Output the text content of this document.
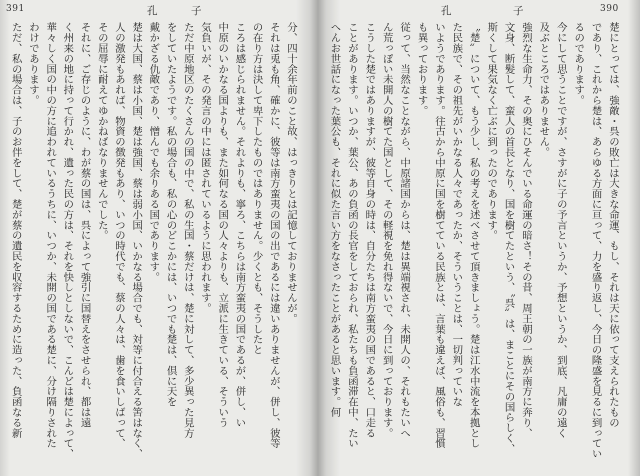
391	孔	子	孔	子	390

楚にとっては、強敵・呉の敗亡は大きな命運、もし、それは天に依って支えられたもの

であり、これから楚は、あらゆる方面に亘って、力を盛り返し、今日の隆盛を見るに到ってい

るのであります。

今にして思うことですが、さすがに子の予言というか、予想というか、到底、凡庸の遠く

及ぶところではありません。

強烈な生命力、その奥にひそんでいる命運の暗さ！その昔、周王朝の一族が南方に奔り、

文身、断髪して、蛮人の首長となり、国を樹てたという、〝呉〟は、まことにその国らしく、

斯くして果気なく亡ぶに到ったのであります。

〝楚〟について、もう少し、私の考えを述べさせて頂きましょう。楚は江水中流を本拠とし

た民族で、その祖先がいかなる人々であったか、そういうことは、一切判っていな

いようであります。往古から中原に国を樹てている民族とは、言葉も違えば、風俗も、習慣

も異っております。

従って、当然なことながら、中原諸国からは、楚は異端視され、未開人の、それもたいへ

ん荒っぽい未開人の樹てた国として、その軽視を免れ得ないで、今日に到っております。

こうした楚ではありますが、彼等自身の時は、自分たちは南方蛮夷の国であると、口走る

ことがあります。いつか、葉公、あの負函の長官をしておられ、私たちも負函滞在中、たい

へんお世話になった葉公も、それに似た言い方をなさったことがあると思います。何

分、四十余年前のこと故、はっきりとは記憶しておりませんが。

それは兎も角、確かに、彼等は南方蛮夷の国の出であるには違いありませんが、併し、彼等

の在り方は決して卑下したものではありません。少くとも、そうしたと

ころは感じられません。それよりも、寧ろ、こちらは南方蛮夷の国であるが、併し、い

中原のいかなる国よりも、また如何なる国の人々よりも、立派に生きている、そういう

気負いが、その発言の中には匿されているように思われます。

ただ中原地区のたくさんの国の中で、私の生国・蔡だけは、楚に対して、多少異った見方

をしていたようです。私の場合も、私の心のどこかには、いつでも楚は、倶に天を

戴かざる仇敵であり、憎んでも余りある国であります。

楚は大国、蔡は小国、楚は強国、蔡は弱小国、いかなる場合でも、対等に付合える筈はなく、

人の激発もあれば、物資の徴発もあり、いつの時代でも、蔡の人々は、歯を食いしばって、

その屈辱に耐えてゆかねばなりませんでした。

それに、ご存じのように、わが蔡の国は、呉によって強引に国替えをさせられ、都は遠

く州来の地に持って行かれ、遺った民の方は、それを快しとしないで、こんどは楚によって、

華々しく国の中の方に追われているうちに、いつか、未開の国である楚に、分け隔りされた

わけであります。

ただ、私の場合は、子のお伴をして、楚が蔡の遺民を収容するために造った、負函なる新
